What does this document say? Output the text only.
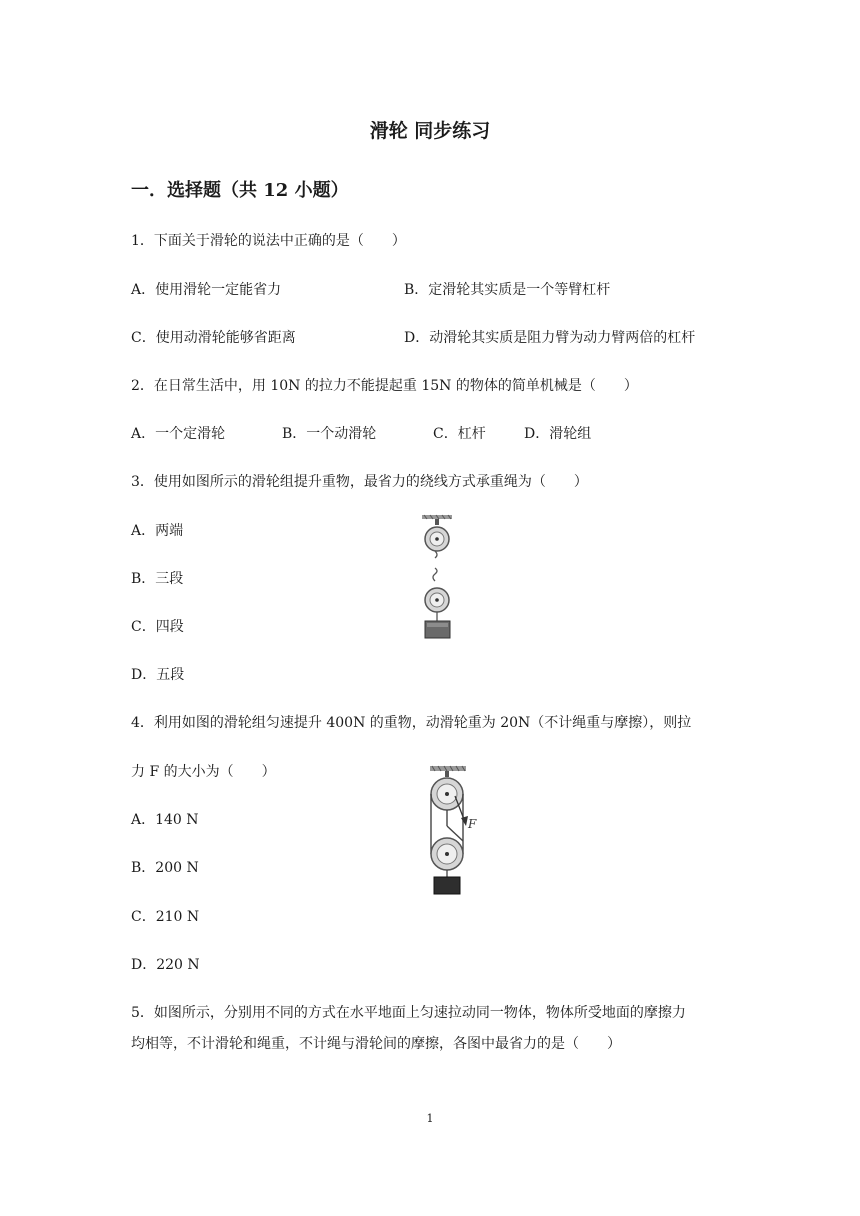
滑轮 同步练习
一．选择题（共 12 小题）
1．下面关于滑轮的说法中正确的是（　　）
A．使用滑轮一定能省力	B．定滑轮其实质是一个等臂杠杆
C．使用动滑轮能够省距离	D．动滑轮其实质是阻力臂为动力臂两倍的杠杆
2．在日常生活中，用 10N 的拉力不能提起重 15N 的物体的简单机械是（　　）
A．一个定滑轮	B．一个动滑轮	C．杠杆	D．滑轮组
3．使用如图所示的滑轮组提升重物，最省力的绕线方式承重绳为（　　）
A．两端
B．三段
C．四段
D．五段
4．利用如图的滑轮组匀速提升 400N 的重物，动滑轮重为 20N（不计绳重与摩擦），则拉
力 F 的大小为（　　）
A．140 N
B．200 N
C．210 N
D．220 N
F
5．如图所示，分别用不同的方式在水平地面上匀速拉动同一物体，物体所受地面的摩擦力
均相等，不计滑轮和绳重，不计绳与滑轮间的摩擦，各图中最省力的是（　　）
1
